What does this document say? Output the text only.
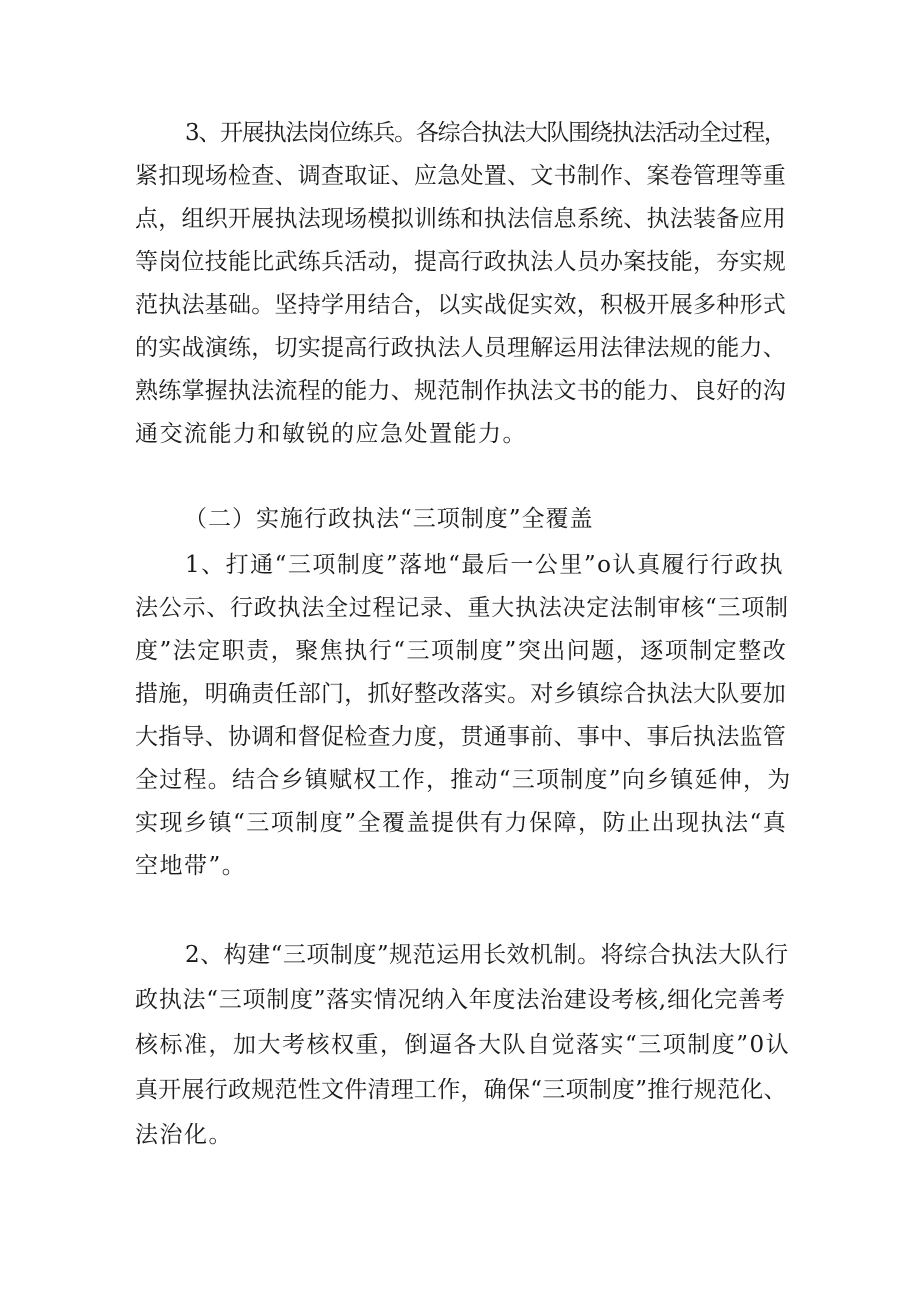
3、开展执法岗位练兵。各综合执法大队围绕执法活动全过程，

紧扣现场检查、调查取证、应急处置、文书制作、案卷管理等重

点，组织开展执法现场模拟训练和执法信息系统、执法装备应用

等岗位技能比武练兵活动，提高行政执法人员办案技能，夯实规

范执法基础。坚持学用结合，以实战促实效，积极开展多种形式

的实战演练，切实提高行政执法人员理解运用法律法规的能力、

熟练掌握执法流程的能力、规范制作执法文书的能力、良好的沟

通交流能力和敏锐的应急处置能力。

（二）实施行政执法“三项制度”全覆盖

1、打通“三项制度”落地“最后一公里”o认真履行行政执

法公示、行政执法全过程记录、重大执法决定法制审核“三项制

度”法定职责，聚焦执行“三项制度”突出问题，逐项制定整改

措施，明确责任部门，抓好整改落实。对乡镇综合执法大队要加

大指导、协调和督促检查力度，贯通事前、事中、事后执法监管

全过程。结合乡镇赋权工作，推动“三项制度”向乡镇延伸，为

实现乡镇“三项制度”全覆盖提供有力保障，防止出现执法“真

空地带”。

2、构建“三项制度”规范运用长效机制。将综合执法大队行

政执法“三项制度”落实情况纳入年度法治建设考核,细化完善考

核标准，加大考核权重，倒逼各大队自觉落实“三项制度”0认

真开展行政规范性文件清理工作，确保“三项制度”推行规范化、

法治化。
